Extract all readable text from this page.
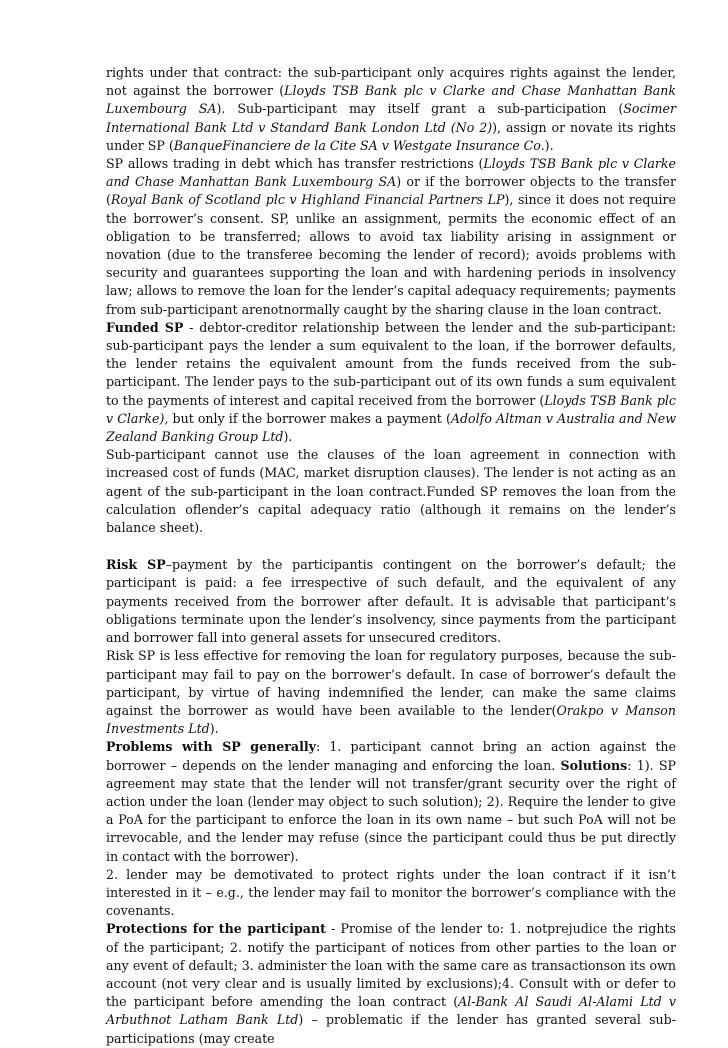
rights under that contract: the sub-participant only acquires rights against the lender, not against the borrower (Lloyds TSB Bank plc v Clarke and Chase Manhattan Bank Luxembourg SA). Sub-participant may itself grant a sub-participation (Socimer International Bank Ltd v Standard Bank London Ltd (No 2)), assign or novate its rights under SP (BanqueFinanciere de la Cite SA v Westgate Insurance Co.).

SP allows trading in debt which has transfer restrictions (Lloyds TSB Bank plc v Clarke and Chase Manhattan Bank Luxembourg SA) or if the borrower objects to the transfer (Royal Bank of Scotland plc v Highland Financial Partners LP), since it does not require the borrower’s consent. SP, unlike an assignment, permits the economic effect of an obligation to be transferred; allows to avoid tax liability arising in assignment or novation (due to the transferee becoming the lender of record); avoids problems with security and guarantees supporting the loan and with hardening periods in insolvency law; allows to remove the loan for the lender’s capital adequacy requirements; payments from sub-participant arenotnormally caught by the sharing clause in the loan contract.

Funded SP - debtor-creditor relationship between the lender and the sub-participant: sub-participant pays the lender a sum equivalent to the loan, if the borrower defaults, the lender retains the equivalent amount from the funds received from the sub-participant. The lender pays to the sub-participant out of its own funds a sum equivalent to the payments of interest and capital received from the borrower (Lloyds TSB Bank plc v Clarke), but only if the borrower makes a payment (Adolfo Altman v Australia and New Zealand Banking Group Ltd).

Sub-participant cannot use the clauses of the loan agreement in connection with increased cost of funds (MAC, market disruption clauses). The lender is not acting as an agent of the sub-participant in the loan contract.Funded SP removes the loan from the calculation oflender’s capital adequacy ratio (although it remains on the lender’s balance sheet).

Risk SP–payment by the participantis contingent on the borrower’s default; the participant is paid: a fee irrespective of such default, and the equivalent of any payments received from the borrower after default. It is advisable that participant’s obligations terminate upon the lender’s insolvency, since payments from the participant and borrower fall into general assets for unsecured creditors.

Risk SP is less effective for removing the loan for regulatory purposes, because the sub-participant may fail to pay on the borrower’s default. In case of borrower’s default the participant, by virtue of having indemnified the lender, can make the same claims against the borrower as would have been available to the lender(Orakpo v Manson Investments Ltd).

Problems with SP generally: 1. participant cannot bring an action against the borrower – depends on the lender managing and enforcing the loan. Solutions: 1). SP agreement may state that the lender will not transfer/grant security over the right of action under the loan (lender may object to such solution); 2). Require the lender to give a PoA for the participant to enforce the loan in its own name – but such PoA will not be irrevocable, and the lender may refuse (since the participant could thus be put directly in contact with the borrower).

2. lender may be demotivated to protect rights under the loan contract if it isn’t interested in it – e.g., the lender may fail to monitor the borrower’s compliance with the covenants.

Protections for the participant - Promise of the lender to: 1. notprejudice the rights of the participant; 2. notify the participant of notices from other parties to the loan or any event of default; 3. administer the loan with the same care as transactionson its own account (not very clear and is usually limited by exclusions);4. Consult with or defer to the participant before amending the loan contract (Al-Bank Al Saudi Al-Alami Ltd v Arbuthnot Latham Bank Ltd) – problematic if the lender has granted several sub-participations (may create
